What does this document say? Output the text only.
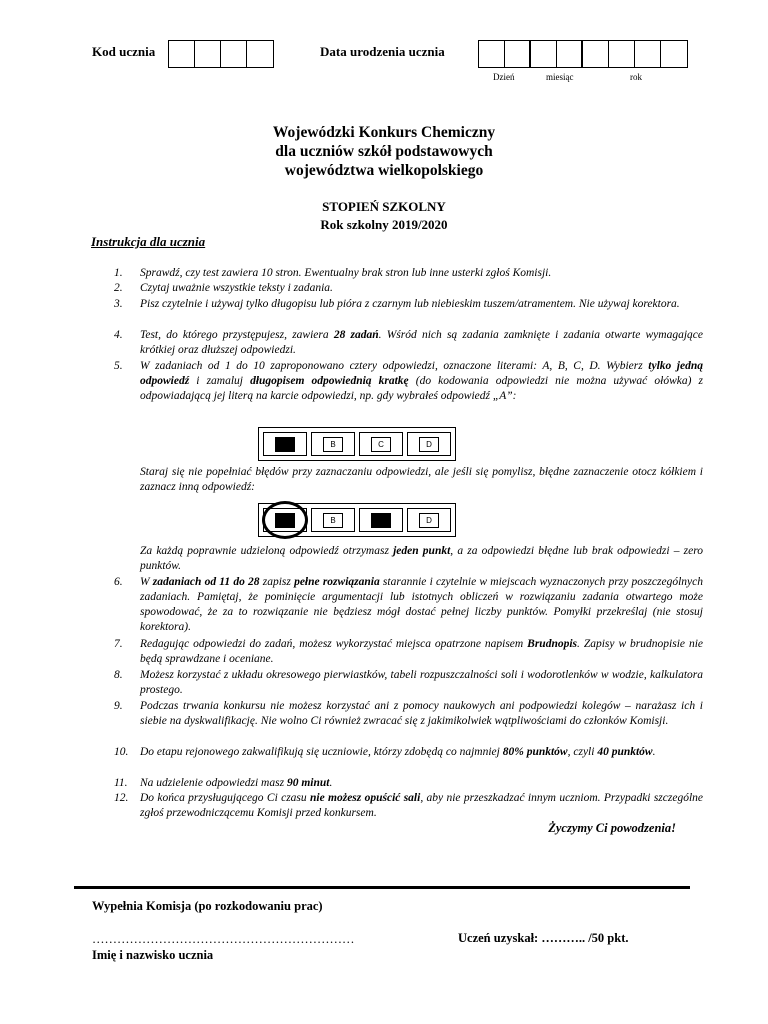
Kod ucznia	Data urodzenia ucznia
Dzień	miesiąc	rok
Wojewódzki Konkurs Chemiczny
dla uczniów szkół podstawowych
województwa wielkopolskiego
STOPIEŃ SZKOLNY
Rok szkolny 2019/2020
Instrukcja dla ucznia
1.	Sprawdź, czy test zawiera 10 stron. Ewentualny brak stron lub inne usterki zgłoś Komisji.
2.	Czytaj uważnie wszystkie teksty i zadania.
3.	Pisz czytelnie i używaj tylko długopisu lub pióra z czarnym lub niebieskim tuszem/atramentem. Nie używaj korektora.
4.	Test, do którego przystępujesz, zawiera 28 zadań. Wśród nich są zadania zamknięte i zadania otwarte wymagające krótkiej oraz dłuższej odpowiedzi.
5.	W zadaniach od 1 do 10 zaproponowano cztery odpowiedzi, oznaczone literami: A, B, C, D. Wybierz tylko jedną odpowiedź i zamaluj długopisem odpowiednią kratkę (do kodowania odpowiedzi nie można używać ołówka) z odpowiadającą jej literą na karcie odpowiedzi, np. gdy wybrałeś odpowiedź „A”:
B	C	D
Staraj się nie popełniać błędów przy zaznaczaniu odpowiedzi, ale jeśli się pomylisz, błędne zaznaczenie otocz kółkiem i zaznacz inną odpowiedź:
B	D
Za każdą poprawnie udzieloną odpowiedź otrzymasz jeden punkt, a za odpowiedzi błędne lub brak odpowiedzi – zero punktów.
6.	W zadaniach od 11 do 28 zapisz pełne rozwiązania starannie i czytelnie w miejscach wyznaczonych przy poszczególnych zadaniach. Pamiętaj, że pominięcie argumentacji lub istotnych obliczeń w rozwiązaniu zadania otwartego może spowodować, że za to rozwiązanie nie będziesz mógł dostać pełnej liczby punktów. Pomyłki przekreślaj (nie stosuj korektora).
7.	Redagując odpowiedzi do zadań, możesz wykorzystać miejsca opatrzone napisem Brudnopis. Zapisy w brudnopisie nie będą sprawdzane i oceniane.
8.	Możesz korzystać z układu okresowego pierwiastków, tabeli rozpuszczalności soli i wodorotlenków w wodzie, kalkulatora prostego.
9.	Podczas trwania konkursu nie możesz korzystać ani z pomocy naukowych ani podpowiedzi kolegów – narażasz ich i siebie na dyskwalifikację. Nie wolno Ci również zwracać się z jakimikolwiek wątpliwościami do członków Komisji.
10.	Do etapu rejonowego zakwalifikują się uczniowie, którzy zdobędą co najmniej 80% punktów, czyli 40 punktów.
11.	Na udzielenie odpowiedzi masz 90 minut.
12.	Do końca przysługującego Ci czasu nie możesz opuścić sali, aby nie przeszkadzać innym uczniom. Przypadki szczególne zgłoś przewodniczącemu Komisji przed konkursem.
Życzymy Ci powodzenia!
Wypełnia Komisja (po rozkodowaniu prac)
………………………………………………………	Uczeń uzyskał: ……….. /50 pkt.
Imię i nazwisko ucznia
